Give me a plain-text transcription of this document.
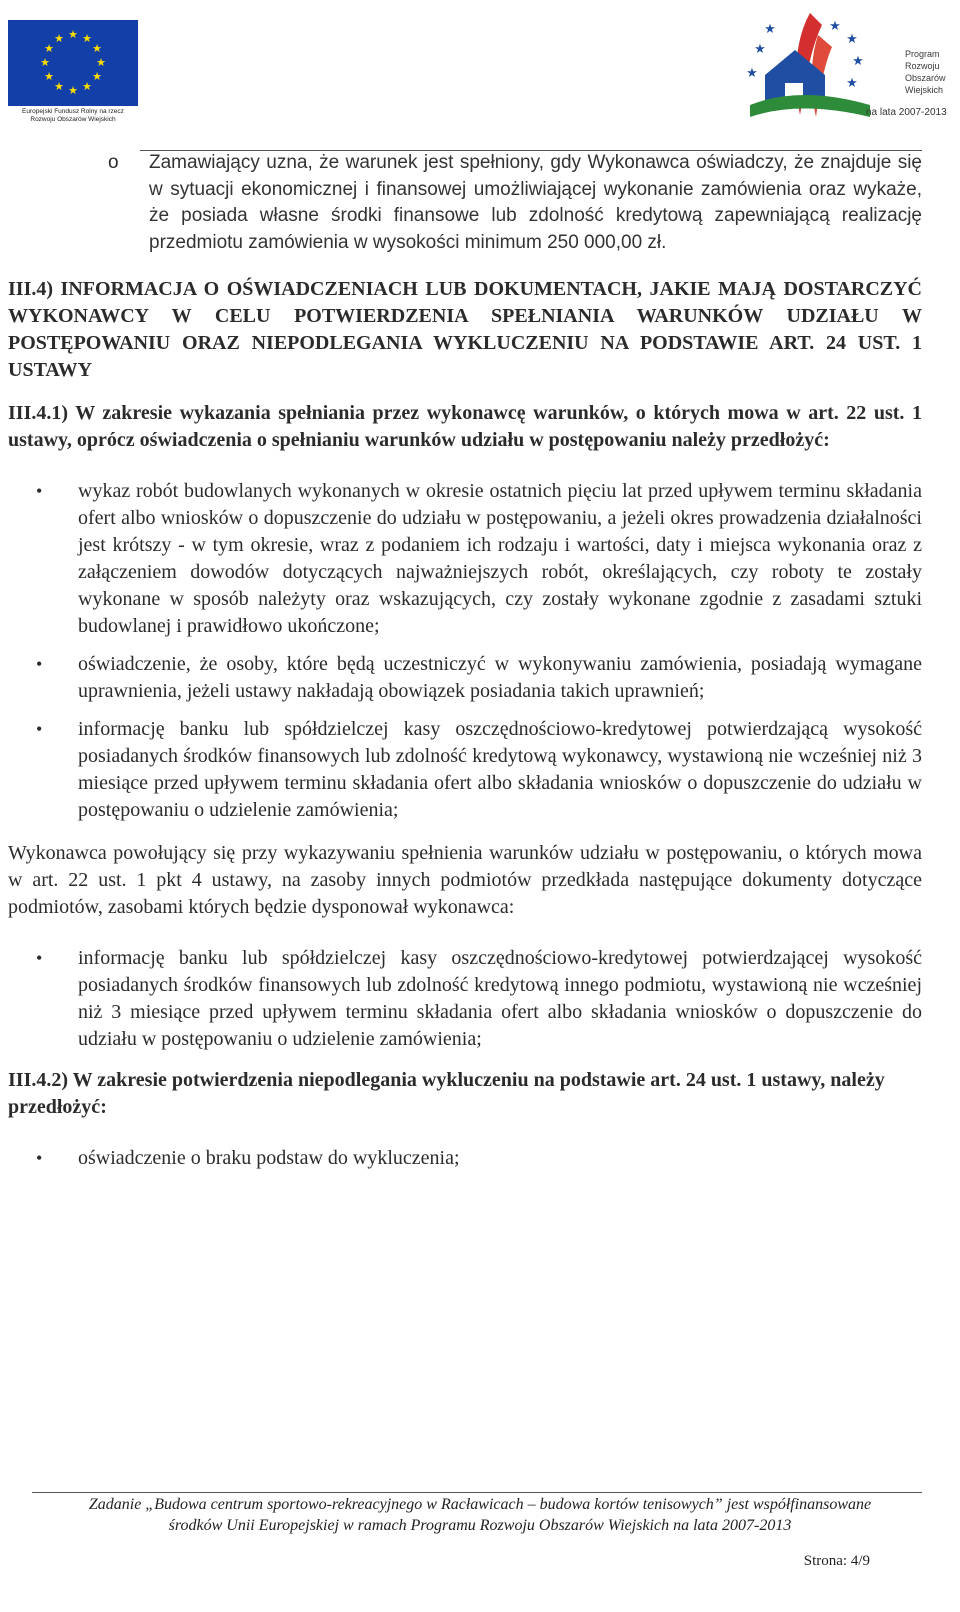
★ ★
★
★
★
★
★
★
★
★
★
★
Europejski Fundusz Rolny na rzecz
Rozwoju Obszarów Wiejskich
★
★	★
★
★
★
★
Program
Rozwoju
Obszarów
Wiejskich
na lata 2007-2013
o Zamawiający uzna, że warunek jest spełniony, gdy Wykonawca oświadczy, że znajduje się w sytuacji ekonomicznej i finansowej umożliwiającej wykonanie zamówienia oraz wykaże, że posiada własne środki finansowe lub zdolność kredytową zapewniającą realizację przedmiotu zamówienia w wysokości minimum 250 000,00 zł.

III.4) INFORMACJA O OŚWIADCZENIACH LUB DOKUMENTACH, JAKIE MAJĄ DOSTARCZYĆ WYKONAWCY W CELU POTWIERDZENIA SPEŁNIANIA WARUNKÓW UDZIAŁU W POSTĘPOWANIU ORAZ NIEPODLEGANIA WYKLUCZENIU NA PODSTAWIE ART. 24 UST. 1 USTAWY

III.4.1) W zakresie wykazania spełniania przez wykonawcę warunków, o których mowa w art. 22 ust. 1 ustawy, oprócz oświadczenia o spełnianiu warunków udziału w postępowaniu należy przedłożyć:

• wykaz robót budowlanych wykonanych w okresie ostatnich pięciu lat przed upływem terminu składania ofert albo wniosków o dopuszczenie do udziału w postępowaniu, a jeżeli okres prowadzenia działalności jest krótszy - w tym okresie, wraz z podaniem ich rodzaju i wartości, daty i miejsca wykonania oraz z załączeniem dowodów dotyczących najważniejszych robót, określających, czy roboty te zostały wykonane w sposób należyty oraz wskazujących, czy zostały wykonane zgodnie z zasadami sztuki budowlanej i prawidłowo ukończone;

• oświadczenie, że osoby, które będą uczestniczyć w wykonywaniu zamówienia, posiadają wymagane uprawnienia, jeżeli ustawy nakładają obowiązek posiadania takich uprawnień;

• informację banku lub spółdzielczej kasy oszczędnościowo-kredytowej potwierdzającą wysokość posiadanych środków finansowych lub zdolność kredytową wykonawcy, wystawioną nie wcześniej niż 3 miesiące przed upływem terminu składania ofert albo składania wniosków o dopuszczenie do udziału w postępowaniu o udzielenie zamówienia;

Wykonawca powołujący się przy wykazywaniu spełnienia warunków udziału w postępowaniu, o których mowa w art. 22 ust. 1 pkt 4 ustawy, na zasoby innych podmiotów przedkłada następujące dokumenty dotyczące podmiotów, zasobami których będzie dysponował wykonawca:

• informację banku lub spółdzielczej kasy oszczędnościowo-kredytowej potwierdzającej wysokość posiadanych środków finansowych lub zdolność kredytową innego podmiotu, wystawioną nie wcześniej niż 3 miesiące przed upływem terminu składania ofert albo składania wniosków o dopuszczenie do udziału w postępowaniu o udzielenie zamówienia;

III.4.2) W zakresie potwierdzenia niepodlegania wykluczeniu na podstawie art. 24 ust. 1 ustawy, należy przedłożyć:

• oświadczenie o braku podstaw do wykluczenia;

Zadanie „Budowa centrum sportowo-rekreacyjnego w Racławicach – budowa kortów tenisowych” jest współfinansowane
środków Unii Europejskiej w ramach Programu Rozwoju Obszarów Wiejskich na lata 2007-2013
Strona: 4/9
